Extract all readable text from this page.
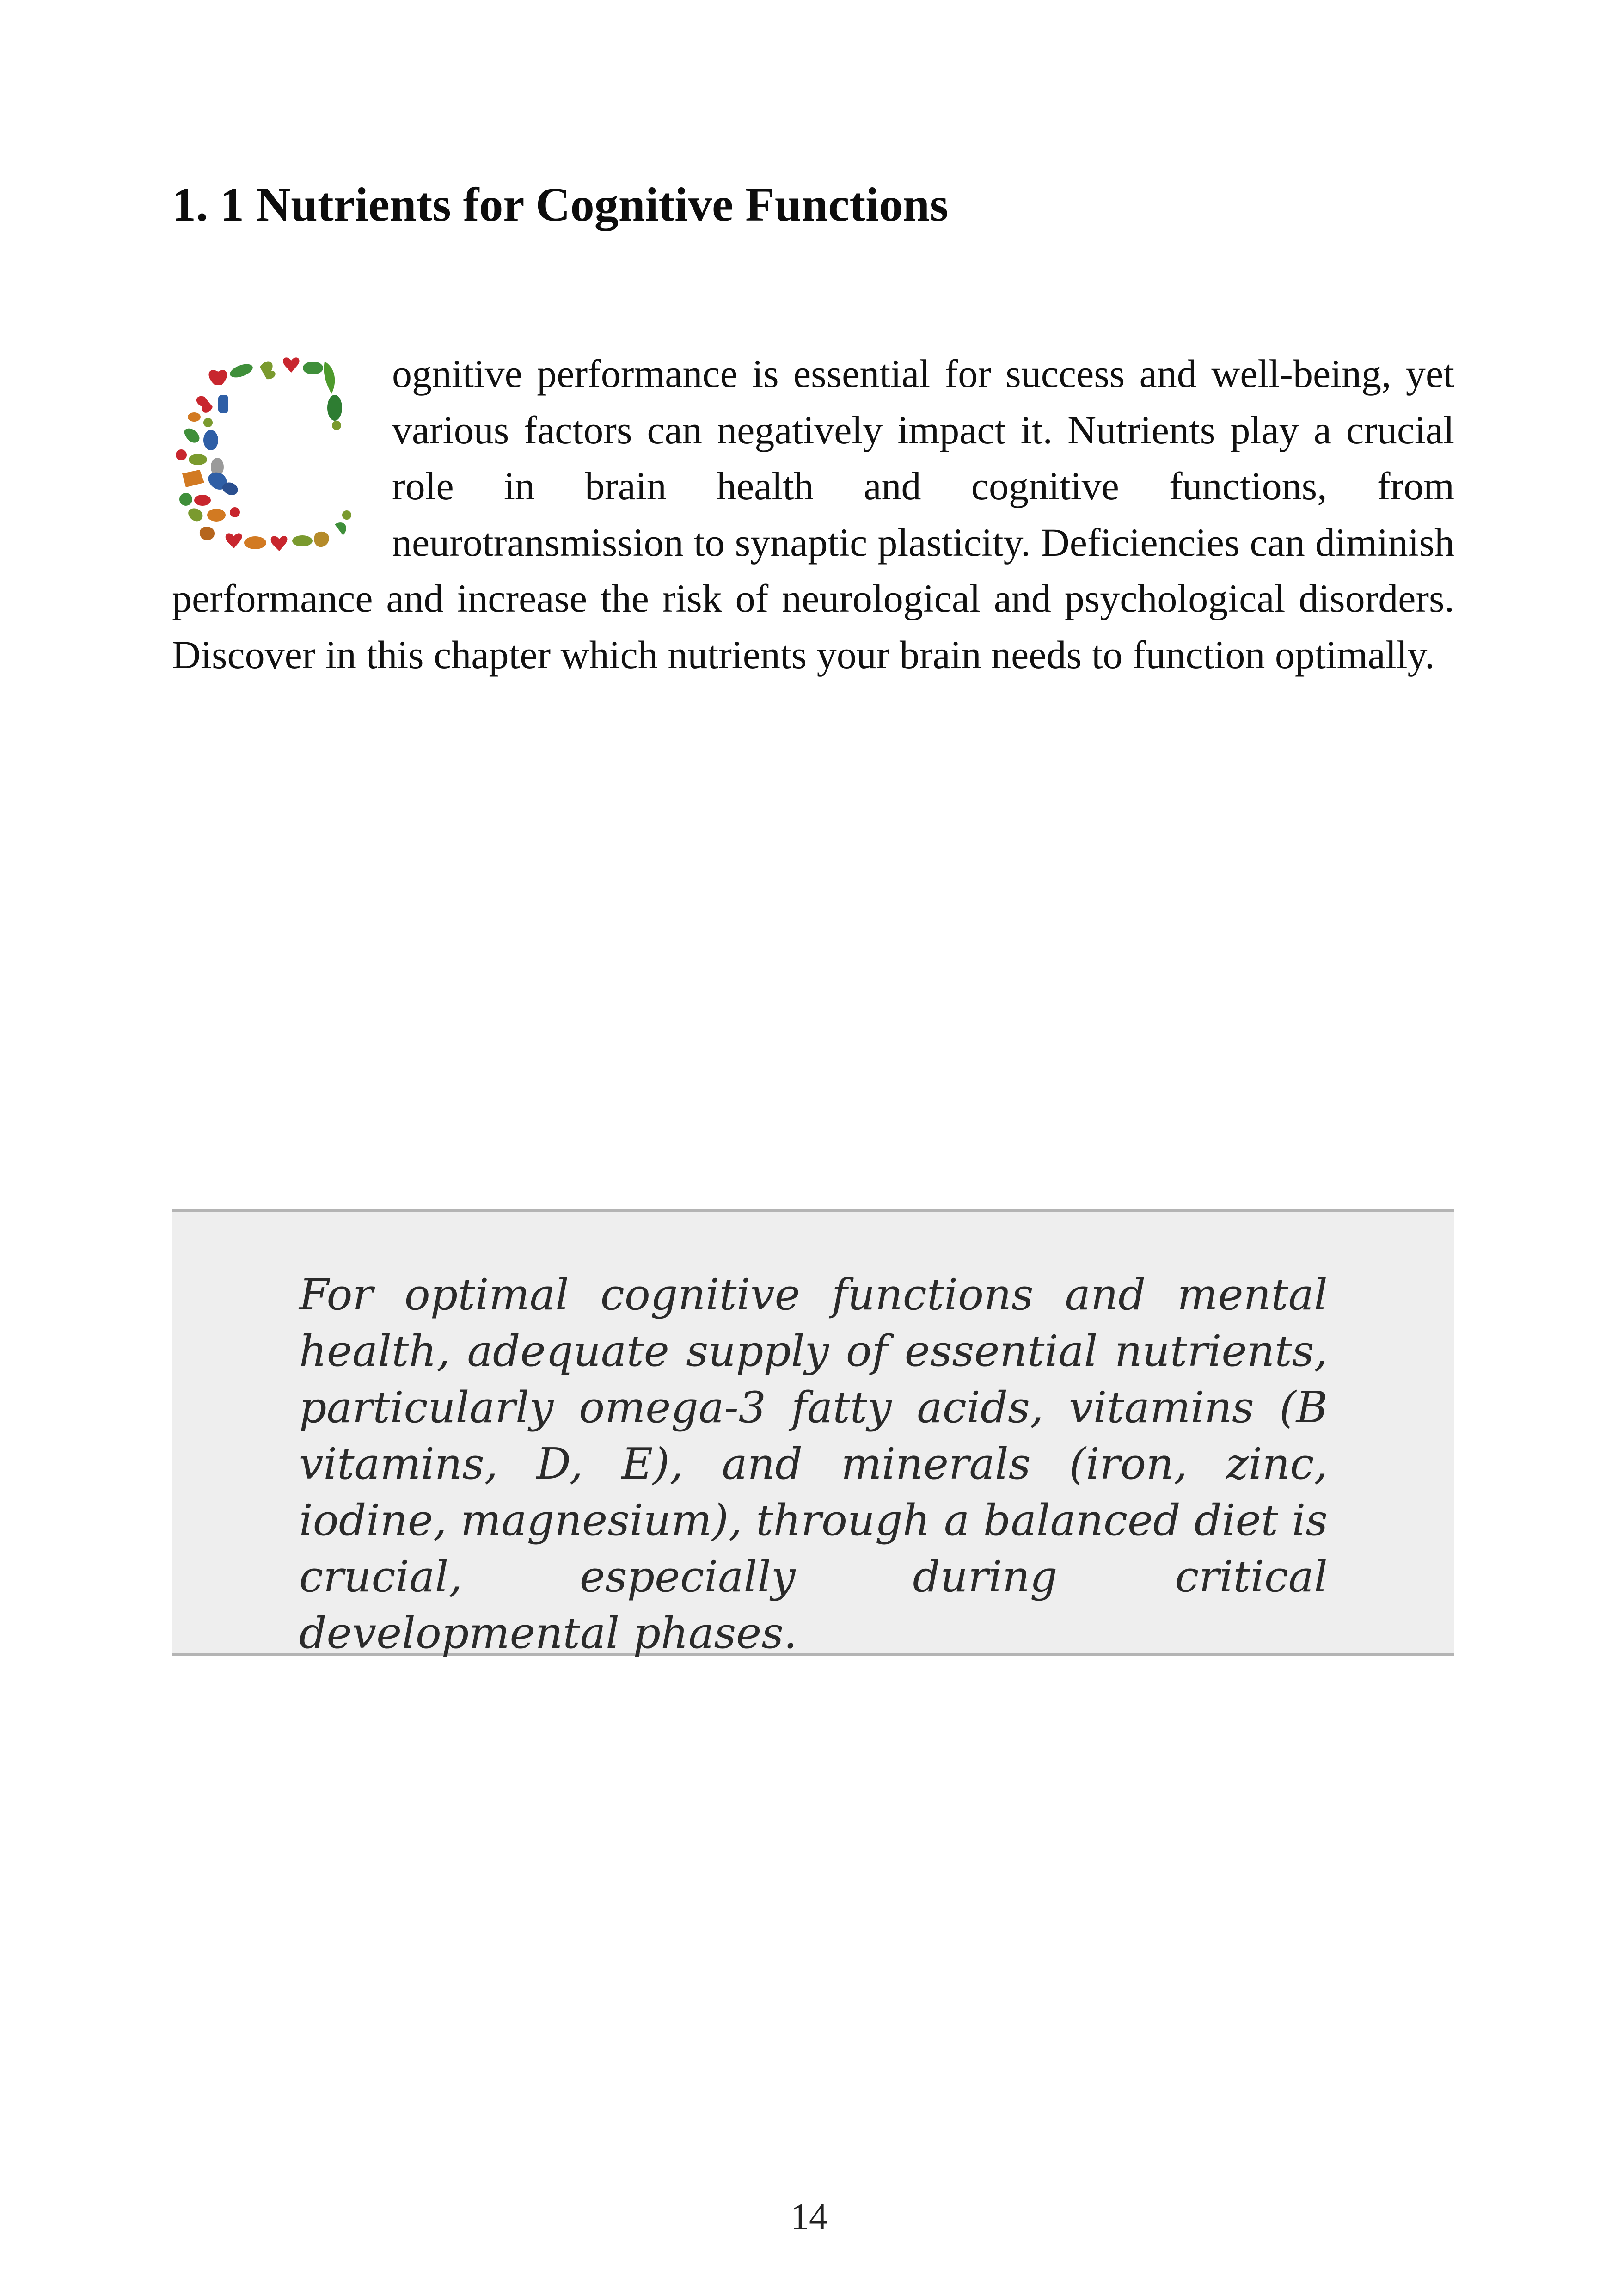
1. 1 Nutrients for Cognitive Functions
ognitive performance is essential for success and well-being, yet various factors can negatively impact it. Nutrients play a crucial role in brain health and cognitive functions, from neurotransmission to synaptic plasticity. Deficiencies can diminish performance and increase the risk of neurological and psychological disorders. Discover in this chapter which nutrients your brain needs to function optimally.

For optimal cognitive functions and mental health, adequate supply of essential nutrients, particularly omega-3 fatty acids, vitamins (B vitamins, D, E), and minerals (iron, zinc, iodine, magnesium), through a balanced diet is crucial, especially during critical developmental phases.

14
